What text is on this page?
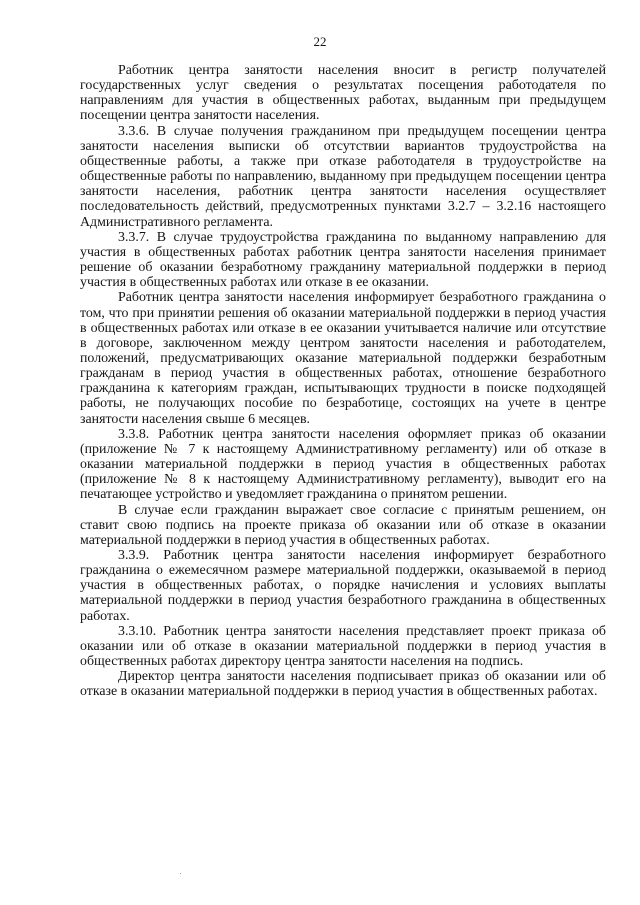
22

Работник центра занятости населения вносит в регистр получателей государственных услуг сведения о результатах посещения работодателя по направлениям для участия в общественных работах, выданным при предыдущем посещении центра занятости населения.

3.3.6. В случае получения гражданином при предыдущем посещении центра занятости населения выписки об отсутствии вариантов трудоустройства на общественные работы, а также при отказе работодателя в трудоустройстве на общественные работы по направлению, выданному при предыдущем посещении центра занятости населения, работник центра занятости населения осуществляет последовательность действий, предусмотренных пунктами 3.2.7 – 3.2.16 настоящего Административного регламента.

3.3.7. В случае трудоустройства гражданина по выданному направлению для участия в общественных работах работник центра занятости населения принимает решение об оказании безработному гражданину материальной поддержки в период участия в общественных работах или отказе в ее оказании.

Работник центра занятости населения информирует безработного гражданина о том, что при принятии решения об оказании материальной поддержки в период участия в общественных работах или отказе в ее оказании учитывается наличие или отсутствие в договоре, заключенном между центром занятости населения и работодателем, положений, предусматривающих оказание материальной поддержки безработным гражданам в период участия в общественных работах, отношение безработного гражданина к категориям граждан, испытывающих трудности в поиске подходящей работы, не получающих пособие по безработице, состоящих на учете в центре занятости населения свыше 6 месяцев.

3.3.8. Работник центра занятости населения оформляет приказ об оказании (приложение № 7 к настоящему Административному регламенту) или об отказе в оказании материальной поддержки в период участия в общественных работах (приложение № 8 к настоящему Административному регламенту), выводит его на печатающее устройство и уведомляет гражданина о принятом решении.

В случае если гражданин выражает свое согласие с принятым решением, он ставит свою подпись на проекте приказа об оказании или об отказе в оказании материальной поддержки в период участия в общественных работах.

3.3.9. Работник центра занятости населения информирует безработного гражданина о ежемесячном размере материальной поддержки, оказываемой в период участия в общественных работах, о порядке начисления и условиях выплаты материальной поддержки в период участия безработного гражданина в общественных работах.

3.3.10. Работник центра занятости населения представляет проект приказа об оказании или об отказе в оказании материальной поддержки в период участия в общественных работах директору центра занятости населения на подпись.

Директор центра занятости населения подписывает приказ об оказании или об отказе в оказании материальной поддержки в период участия в общественных работах.
